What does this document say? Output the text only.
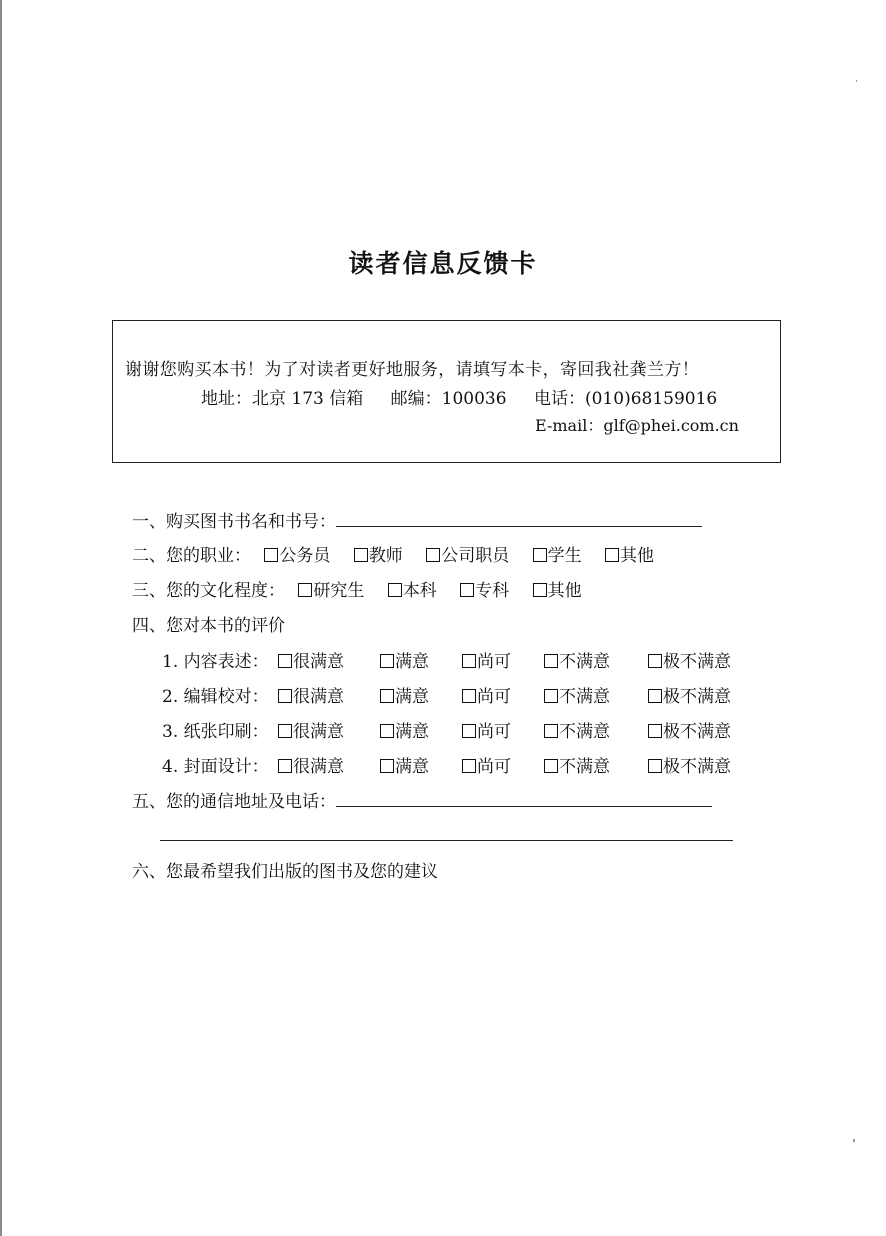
读者信息反馈卡
谢谢您购买本书！为了对读者更好地服务，请填写本卡，寄回我社龚兰方！
地址：北京 173 信箱 邮编：100036 电话：(010)68159016
E-mail：glf@phei.com.cn
一、购买图书书名和书号：
二、您的职业： 公务员 教师 公司职员 学生 其他
三、您的文化程度： 研究生 本科 专科 其他
四、您对本书的评价
1. 内容表述： 很满意	满意	尚可	不满意	极不满意
2. 编辑校对： 很满意	满意	尚可	不满意	极不满意
3. 纸张印刷： 很满意	满意	尚可	不满意	极不满意
4. 封面设计： 很满意	满意	尚可	不满意	极不满意
五、您的通信地址及电话：
六、您最希望我们出版的图书及您的建议
